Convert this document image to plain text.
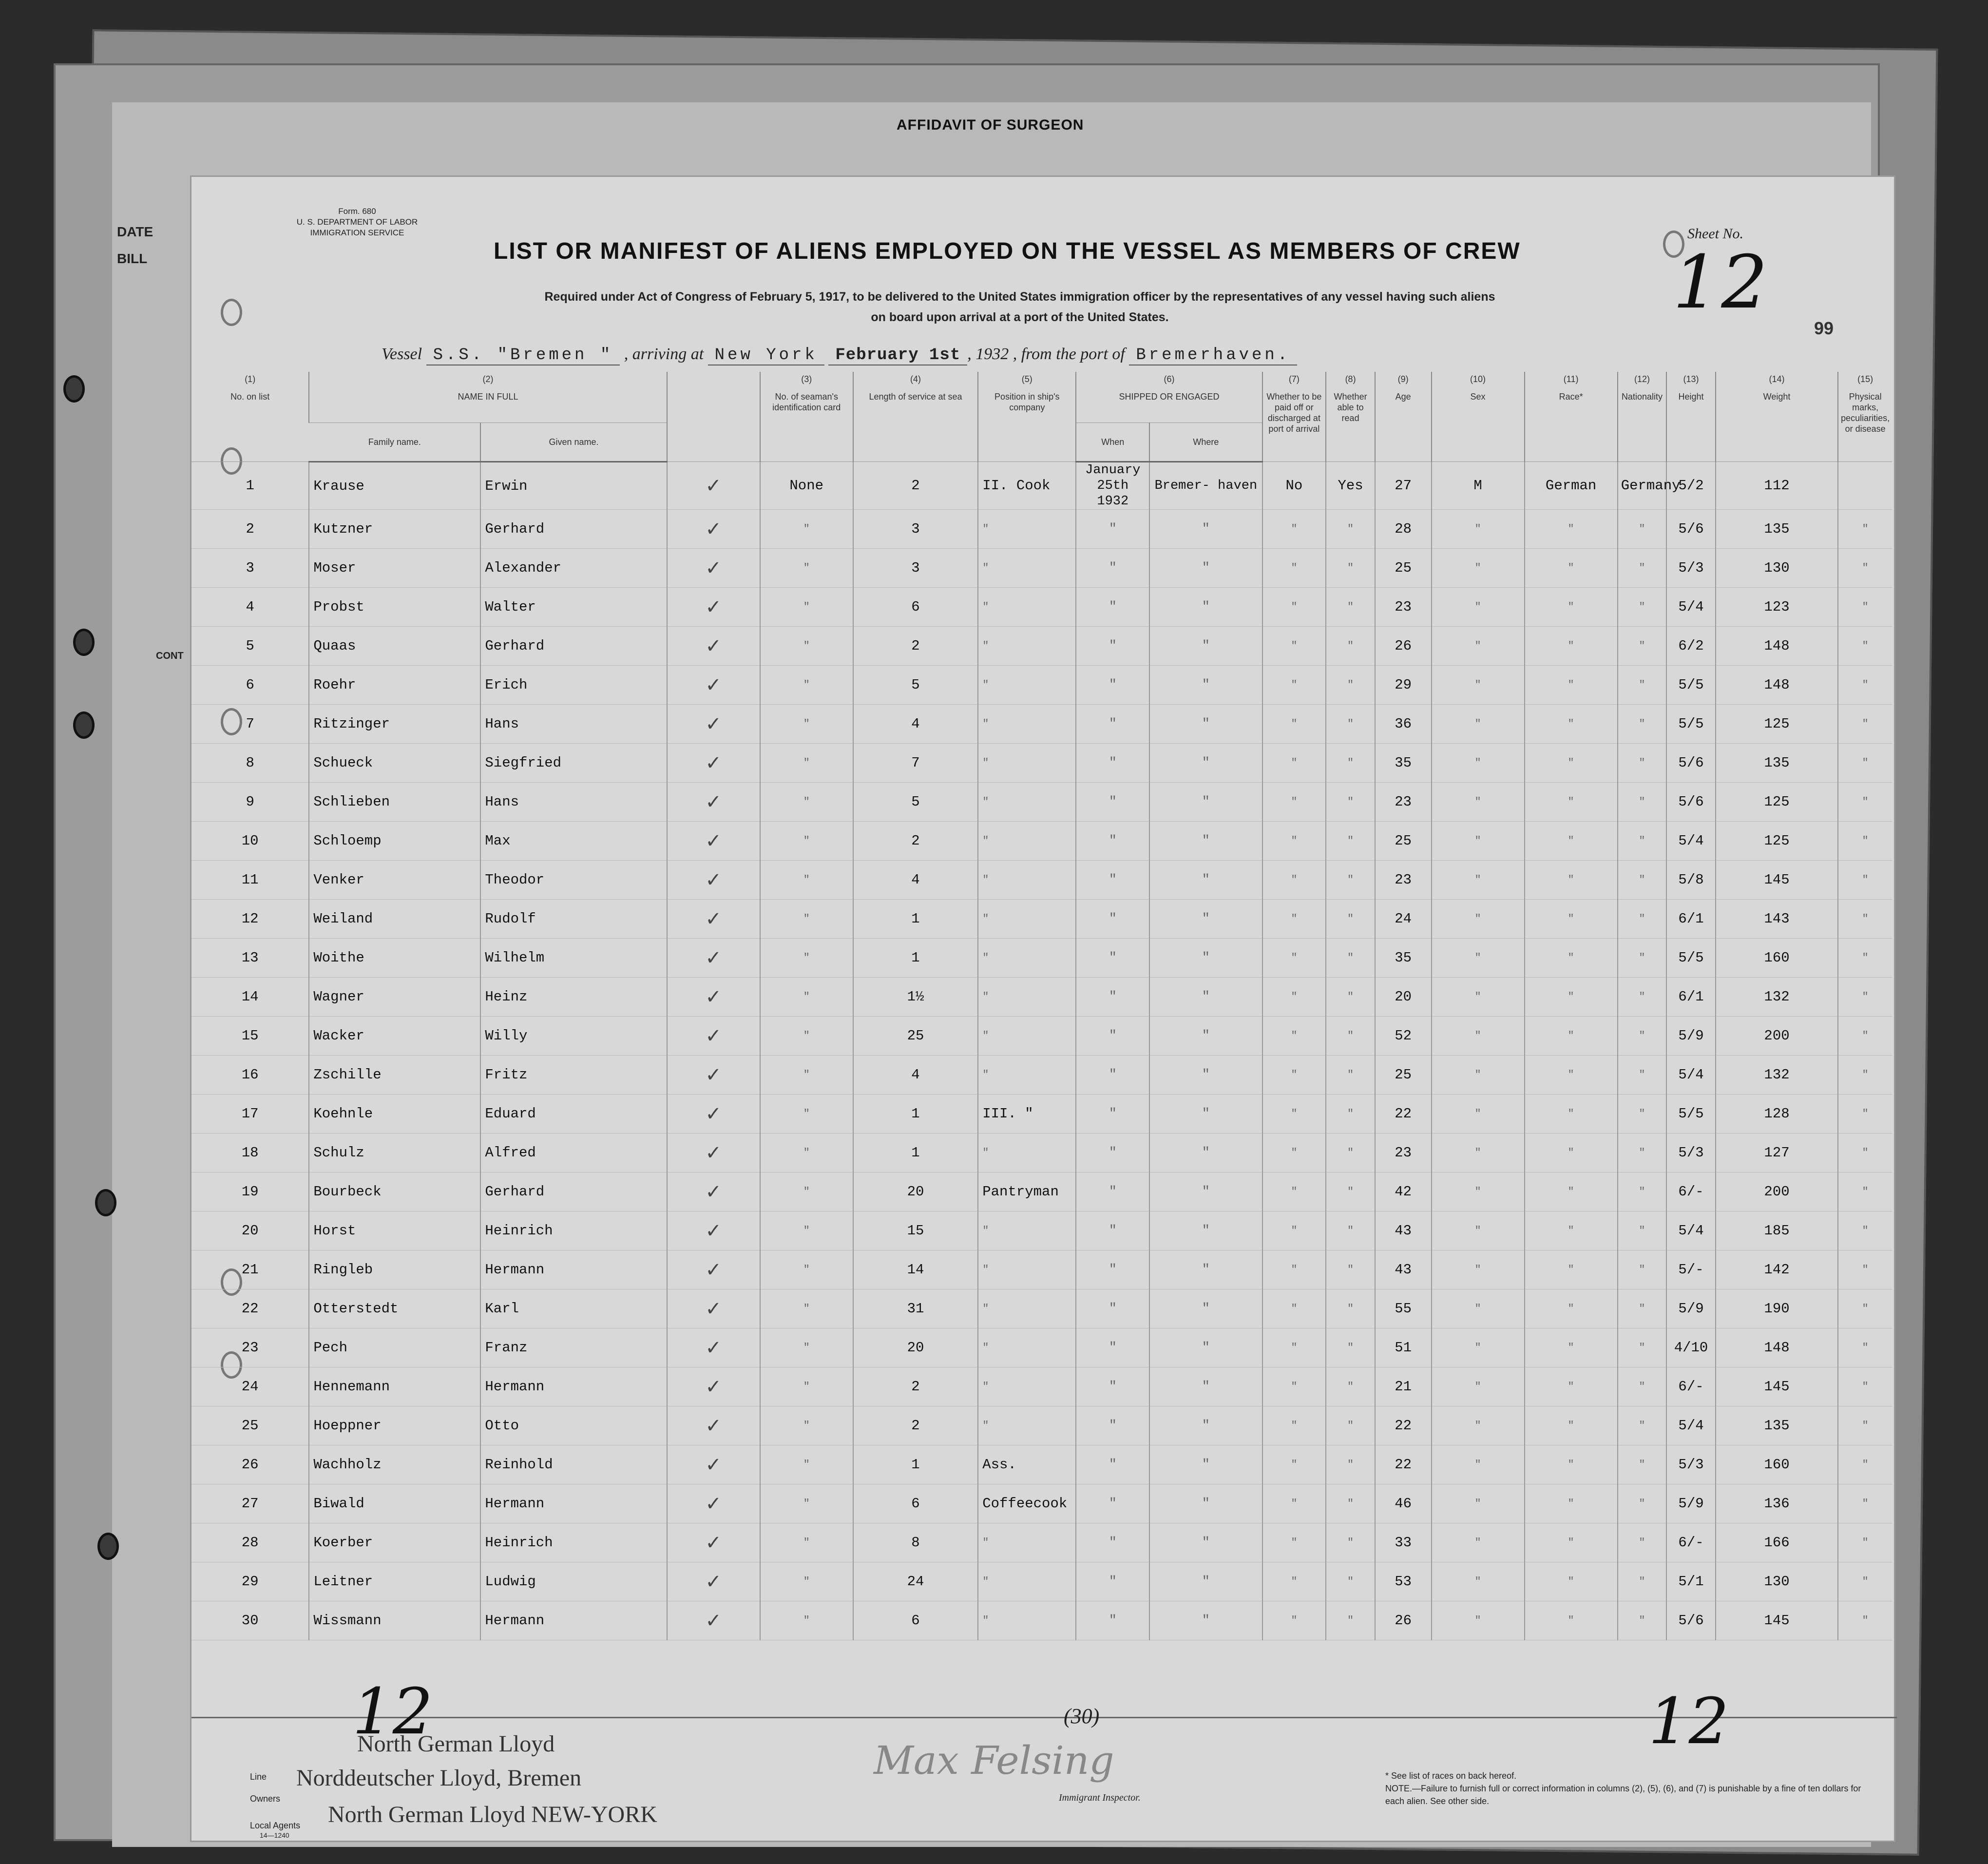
AFFIDAVIT OF SURGEON
DATE
BILL
CONT
Form. 680
U. S. DEPARTMENT OF LABOR
IMMIGRATION SERVICE
LIST OR MANIFEST OF ALIENS EMPLOYED ON THE VESSEL AS MEMBERS OF CREW
Required under Act of Congress of February 5, 1917, to be delivered to the United States immigration officer by the representatives of any vessel having such aliens
on board upon arrival at a port of the United States.
Sheet No.
12
99
Vessel S.S. "Bremen " , arriving at New York February 1st , 1932 , from the port of Bremerhaven.
(1)	(2)			(3)	(4)	(5)	(6)		(7)	(8)	(9)	(10)	(11)	(12)	(13)	(14)	(15)
No. on list	NAME IN FULL			No. of seaman's identification card	Length of service at sea	Position in ship's company	SHIPPED OR ENGAGED		Whether to be paid off or discharged at port of arrival	Whether able to read	Age	Sex	Race*	Nationality	Height	Weight	Physical marks, peculiarities, or disease
	Family name.	Given name.					When	Where									
1	Krause	Erwin	✓	None	2	II. Cook	January 25th 1932	Bremer- haven	No	Yes	27	M	German	Germany	5/2	112	
2	Kutzner	Gerhard	✓	"	3	"	"	"	"	"	28	"	"	"	5/6	135	"
3	Moser	Alexander	✓	"	3	"	"	"	"	"	25	"	"	"	5/3	130	"
4	Probst	Walter	✓	"	6	"	"	"	"	"	23	"	"	"	5/4	123	"
5	Quaas	Gerhard	✓	"	2	"	"	"	"	"	26	"	"	"	6/2	148	"
6	Roehr	Erich	✓	"	5	"	"	"	"	"	29	"	"	"	5/5	148	"
7	Ritzinger	Hans	✓	"	4	"	"	"	"	"	36	"	"	"	5/5	125	"
8	Schueck	Siegfried	✓	"	7	"	"	"	"	"	35	"	"	"	5/6	135	"
9	Schlieben	Hans	✓	"	5	"	"	"	"	"	23	"	"	"	5/6	125	"
10	Schloemp	Max	✓	"	2	"	"	"	"	"	25	"	"	"	5/4	125	"
11	Venker	Theodor	✓	"	4	"	"	"	"	"	23	"	"	"	5/8	145	"
12	Weiland	Rudolf	✓	"	1	"	"	"	"	"	24	"	"	"	6/1	143	"
13	Woithe	Wilhelm	✓	"	1	"	"	"	"	"	35	"	"	"	5/5	160	"
14	Wagner	Heinz	✓	"	1½	"	"	"	"	"	20	"	"	"	6/1	132	"
15	Wacker	Willy	✓	"	25	"	"	"	"	"	52	"	"	"	5/9	200	"
16	Zschille	Fritz	✓	"	4	"	"	"	"	"	25	"	"	"	5/4	132	"
17	Koehnle	Eduard	✓	"	1	III. "	"	"	"	"	22	"	"	"	5/5	128	"
18	Schulz	Alfred	✓	"	1	"	"	"	"	"	23	"	"	"	5/3	127	"
19	Bourbeck	Gerhard	✓	"	20	Pantryman	"	"	"	"	42	"	"	"	6/-	200	"
20	Horst	Heinrich	✓	"	15	"	"	"	"	"	43	"	"	"	5/4	185	"
21	Ringleb	Hermann	✓	"	14	"	"	"	"	"	43	"	"	"	5/-	142	"
22	Otterstedt	Karl	✓	"	31	"	"	"	"	"	55	"	"	"	5/9	190	"
23	Pech	Franz	✓	"	20	"	"	"	"	"	51	"	"	"	4/10	148	"
24	Hennemann	Hermann	✓	"	2	"	"	"	"	"	21	"	"	"	6/-	145	"
25	Hoeppner	Otto	✓	"	2	"	"	"	"	"	22	"	"	"	5/4	135	"
26	Wachholz	Reinhold	✓	"	1	Ass.	"	"	"	"	22	"	"	"	5/3	160	"
27	Biwald	Hermann	✓	"	6	Coffeecook	"	"	"	"	46	"	"	"	5/9	136	"
28	Koerber	Heinrich	✓	"	8	"	"	"	"	"	33	"	"	"	6/-	166	"
29	Leitner	Ludwig	✓	"	24	"	"	"	"	"	53	"	"	"	5/1	130	"
30	Wissmann	Hermann	✓	"	6	"	"	"	"	"	26	"	"	"	5/6	145	"
(30)
12	12
Line
Owners
Local Agents
14—1240
North German Lloyd
Norddeutscher Lloyd, Bremen
North German Lloyd NEW-YORK
Max Felsing
Immigrant Inspector.
* See list of races on back hereof.
NOTE.—Failure to furnish full or correct information in columns (2), (5), (6), and (7) is punishable by a fine of ten dollars for each alien. See other side.
